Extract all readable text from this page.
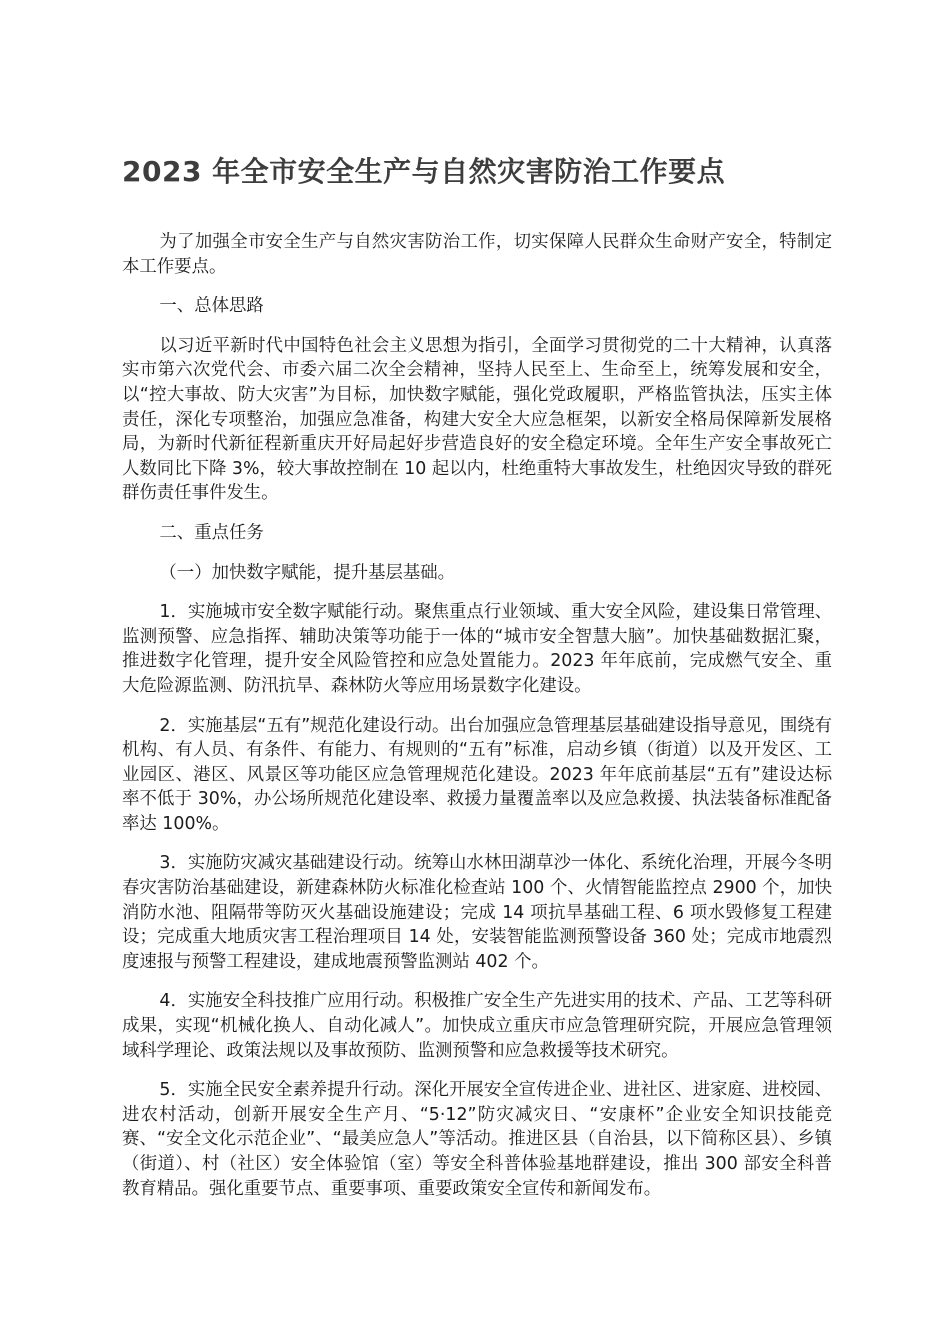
2023 年全市安全生产与自然灾害防治工作要点

为了加强全市安全生产与自然灾害防治工作，切实保障人民群众生命财产安全，特制定本工作要点。

一、总体思路

以习近平新时代中国特色社会主义思想为指引，全面学习贯彻党的二十大精神，认真落实市第六次党代会、市委六届二次全会精神，坚持人民至上、生命至上，统筹发展和安全，以“控大事故、防大灾害”为目标，加快数字赋能，强化党政履职，严格监管执法，压实主体责任，深化专项整治，加强应急准备，构建大安全大应急框架，以新安全格局保障新发展格局，为新时代新征程新重庆开好局起好步营造良好的安全稳定环境。全年生产安全事故死亡人数同比下降 3%，较大事故控制在 10 起以内，杜绝重特大事故发生，杜绝因灾导致的群死群伤责任事件发生。

二、重点任务

（一）加快数字赋能，提升基层基础。

1．实施城市安全数字赋能行动。聚焦重点行业领域、重大安全风险，建设集日常管理、监测预警、应急指挥、辅助决策等功能于一体的“城市安全智慧大脑”。加快基础数据汇聚，推进数字化管理，提升安全风险管控和应急处置能力。2023 年年底前，完成燃气安全、重大危险源监测、防汛抗旱、森林防火等应用场景数字化建设。

2．实施基层“五有”规范化建设行动。出台加强应急管理基层基础建设指导意见，围绕有机构、有人员、有条件、有能力、有规则的“五有”标准，启动乡镇（街道）以及开发区、工业园区、港区、风景区等功能区应急管理规范化建设。2023 年年底前基层“五有”建设达标率不低于 30%，办公场所规范化建设率、救援力量覆盖率以及应急救援、执法装备标准配备率达 100%。

3．实施防灾减灾基础建设行动。统筹山水林田湖草沙一体化、系统化治理，开展今冬明春灾害防治基础建设，新建森林防火标准化检查站 100 个、火情智能监控点 2900 个，加快消防水池、阻隔带等防灭火基础设施建设；完成 14 项抗旱基础工程、6 项水毁修复工程建设；完成重大地质灾害工程治理项目 14 处，安装智能监测预警设备 360 处；完成市地震烈度速报与预警工程建设，建成地震预警监测站 402 个。

4．实施安全科技推广应用行动。积极推广安全生产先进实用的技术、产品、工艺等科研成果，实现“机械化换人、自动化减人”。加快成立重庆市应急管理研究院，开展应急管理领域科学理论、政策法规以及事故预防、监测预警和应急救援等技术研究。

5．实施全民安全素养提升行动。深化开展安全宣传进企业、进社区、进家庭、进校园、进农村活动，创新开展安全生产月、“5·12”防灾减灾日、“安康杯”企业安全知识技能竞赛、“安全文化示范企业”、“最美应急人”等活动。推进区县（自治县，以下简称区县）、乡镇（街道）、村（社区）安全体验馆（室）等安全科普体验基地群建设，推出 300 部安全科普教育精品。强化重要节点、重要事项、重要政策安全宣传和新闻发布。
